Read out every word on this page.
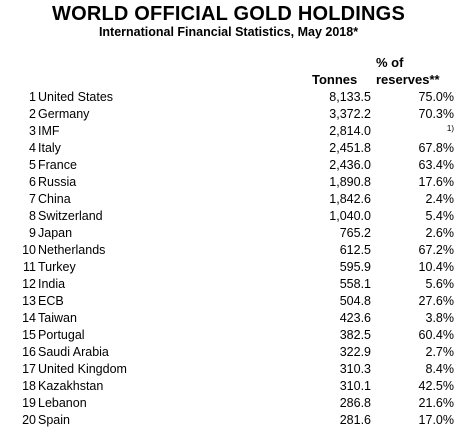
WORLD OFFICIAL GOLD HOLDINGS
International Financial Statistics, May 2018*
Tonnes
% of
reserves**
1 United States	8,133.5	75.0%
2 Germany	3,372.2	70.3%
3 IMF	2,814.0	1)
4 Italy	2,451.8	67.8%
5 France	2,436.0	63.4%
6 Russia	1,890.8	17.6%
7 China	1,842.6	2.4%
8 Switzerland	1,040.0	5.4%
9 Japan	765.2	2.6%
10 Netherlands	612.5	67.2%
11 Turkey	595.9	10.4%
12 India	558.1	5.6%
13 ECB	504.8	27.6%
14 Taiwan	423.6	3.8%
15 Portugal	382.5	60.4%
16 Saudi Arabia	322.9	2.7%
17 United Kingdom	310.3	8.4%
18 Kazakhstan	310.1	42.5%
19 Lebanon	286.8	21.6%
20 Spain	281.6	17.0%
